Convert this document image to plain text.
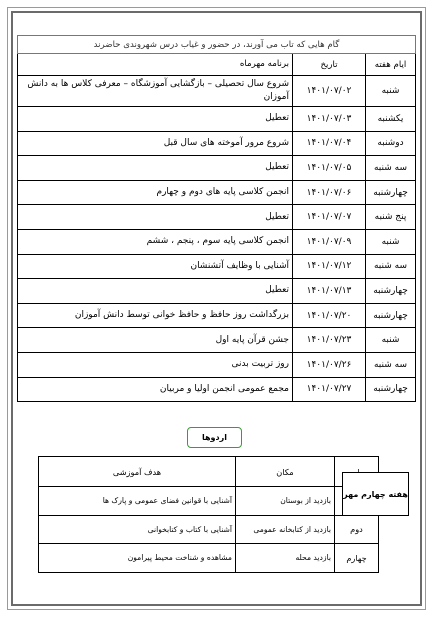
گام هایی که تاب می آورند، در حضور و غیاب درس شهروندی حاضرند		
ایام هفته	تاریخ	برنامه مهرماه
شنبه	۱۴۰۱/۰۷/۰۲	شروع سال تحصیلی – بازگشایی آموزشگاه – معرفی کلاس ها به دانش آموزان
یکشنبه	۱۴۰۱/۰۷/۰۳	تعطیل
دوشنبه	۱۴۰۱/۰۷/۰۴	شروع مرور آموخته های سال قبل
سه شنبه	۱۴۰۱/۰۷/۰۵	تعطیل
چهارشنبه	۱۴۰۱/۰۷/۰۶	انجمن کلاسی پایه های دوم و چهارم
پنج شنبه	۱۴۰۱/۰۷/۰۷	تعطیل
شنبه	۱۴۰۱/۰۷/۰۹	انجمن کلاسی پایه سوم ، پنجم ، ششم
سه شنبه	۱۴۰۱/۰۷/۱۲	آشنایی با وظایف آتشنشان
چهارشنبه	۱۴۰۱/۰۷/۱۳	تعطیل
چهارشنبه	۱۴۰۱/۰۷/۲۰	بزرگداشت روز حافظ و حافظ خوانی توسط دانش آموزان
شنبه	۱۴۰۱/۰۷/۲۳	جشن قرآن پایه اول
سه شنبه	۱۴۰۱/۰۷/۲۶	روز تربیت بدنی
چهارشنبه	۱۴۰۱/۰۷/۲۷	مجمع عمومی انجمن اولیا و مربیان
اردوها
	مکان	هدف آموزشی
	بازدید از بوستان	آشنایی با قوانین فضای عمومی و پارک ها
دوم	بازدید از کتابخانه عمومی	آشنایی با کتاب و کتابخوانی
چهارم	بازدید محله	مشاهده و شناخت محیط پیرامون
هفته چهارم مهر
